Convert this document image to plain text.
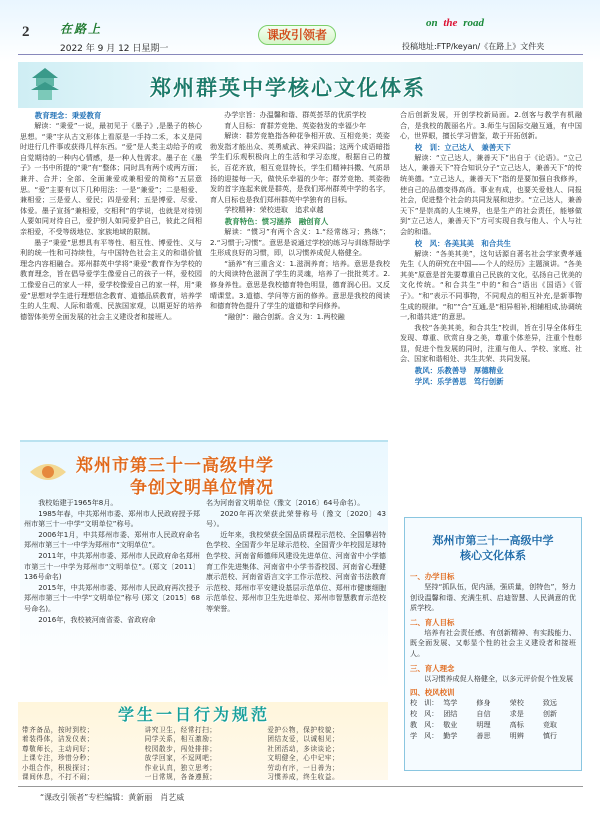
2	在路上
2022 年 9 月 12 日星期一
课改引领者
on the road
投稿地址:FTP/keyan/《在路上》文件夹
郑州群英中学核心文化体系
教育理念：秉爱教育

解读：“秉爱”一说，最初见于《墨子》,是墨子的核心思想。“秉”字从古文形体上看原是一手持二禾，本义是同时进行几件事或获得几样东西。“爱”是人类主动给予的或自觉期待的一种内心情感，是一种人性需求。墨子在《墨子》一书中所提的“秉”有“整体；同时具有两个或两方面；兼并、合并；全部、全面兼爱或兼相爱的简称”五层意思。“爱”主要有以下几种用法：一是“兼爱”；二是相爱、兼相爱；三是爱人、爱民；四是爱利；五是博爱、尽爱、体爱。墨子宣扬“兼相爱，交相利”的学说，也就是对待别人要如同对待自己，爱护别人如同爱护自己，彼此之间相亲相爱，不受等级地位、家族地域的限制。

墨子“秉爱”思想具有平等性、相互性、博爱性、义与利的统一性和可持续性，与中国特色社会主义的和谐价值理念内容相融合。郑州群英中学将“秉爱”教育作为学校的教育理念，旨在倡导爱学生像爱自己的孩子一样，爱校园工像爱自己的家人一样，爱学校像爱自己的家一样，用“秉爱”思想对学生进行理想信念教育、道德品质教育，培养学生的人生观、人际和谐观、民族国家观，以期更好的培养德智体美劳全面发展的社会主义建设者和接班人。

办学宗旨：办温馨和谐、群英荟萃的优质学校

育人目标：育群芳竞艳、英姿勃发的幸福少年

解读：群芳竞艳指各种花争相开放、互相竞美；英姿勃发指才能出众、英勇威武、神采四溢；这两个成语暗指学生们乐观积极向上的生活和学习态度，根据自己的擅长，百花齐放，相互竞显特长，学生们精神抖擞、气质昂扬的迎接每一天，做快乐幸福的少年；群芳竞艳、英姿勃发的首字连起来就是群英，是我们郑州群英中学的名字，育人目标也是我们郑州群英中学独有的目标。

学校精神：荣校进取　追求卓越

教育特色：惯习涵养　融创育人

解读：“惯习”有两个含义：1.“经常练习；熟练”；2.“习惯于;习惯”。意思是说通过学校的练习与训练帮助学生形成良好的习惯，即，以习惯养成促人格健全。

“涵养”有三重含义：1.滋润养育；培养。意思是我校的大阅读特色滋润了学生的灵魂，培养了一批批英才。2.修身养性。意思是我校德育特色明显，德育润心田。又反晴课堂。3.道德、学问等方面的修养。意思是我校的阅读和德育特色提升了学生的道德和学问修养。

“融创”：融合创新。含义为：1.两校融

合后创新发展，开创学校新局面。2.创客与教学有机融合，是我校的靓丽名片。3.师生与国际交融互通，有中国心，世界眼，擅长学习借鉴，敢于开拓创新。

校　训：立己达人　兼善天下

解读：“立己达人，兼善天下”出自于《论语》。“立己达人，兼善天下”符合知识分子“立己达人，兼善天下”的传统美德。“立己达人，兼善天下”指的是要加强自我修养，使自己的品德变得高尚。事业有成，也要关爱他人、同报社会，促进整个社会的共同发展和进步。“立己达人，兼善天下”是崇高的人生境界，也是生产的社会责任，能够做到“立己达人，兼善天下”方可实现自我与他人、个人与社会的和谐。

校　风：各美其美　和合共生

解读：“各美其美”，这句话源自著名社会学家费孝通先生《人的研究在中国——个人的经历》主题演讲。“各美其美”原意是首先要尊重自己民族的文化，弘扬自己优美的文化传统。“和合共生”中的“和合”语出《国语》《管子》。“和”表示不同事物，不同观点的相互补充,是新事物生成的规律。“和”“合”互通,是“相异相补,相辅相成,协调统一,和谐共进”的意思。

我校“各美其美，和合共生”校训，旨在引导全体师生发现、尊重、欣赏自身之美，尊重个体差异，注重个性彰显，促进个性发展的同时，注重与他人、学校、家庭、社会、国家和谐相处、共生共荣、共同发展。

教风：乐教善导　厚德精业
学风：乐学善思　笃行创新
郑州市第三十一高级中学
争创文明单位情况

我校始建于1965年8月。

1985年春，中共郑州市委、郑州市人民政府授予郑州市第三十一中学“文明单位”称号。

2006年1月，中共郑州市委、郑州市人民政府命名郑州市第三十一中学为郑州市“文明单位”。

2011年，中共郑州市委、郑州市人民政府命名郑州市第三十一中学为郑州市“文明单位”。(郑文〔2011〕136号命名)

2015年，中共郑州市委、郑州市人民政府再次授予郑州市第三十一中学“文明单位”称号 (郑文〔2015〕68号命名)。

2016年，我校被河南省委、省政府命

名为河南省文明单位（豫文〔2016〕64号命名）。

2020年再次荣获此荣誉称号（豫文〔2020〕43号）。

近年来，我校荣获全国品质课程示范校、全国攀岩特色学校、全国青少年足球示范校、全国青少年校园足球特色学校、河南省师德师风建设先进单位、河南省中小学德育工作先进集体、河南省中小学书香校园、河南省心理健康示范校、河南省语言文字工作示范校、河南省书法教育示范校、郑州市平安建设基层示范单位、郑州市健康细胞示范单位、郑州市卫生先进单位、郑州市智慧教育示范校等荣誉。

郑州市第三十一高级中学
核心文化体系
一、办学目标

坚持“抓队伍，促内涵，强质量，创特色”，努力创设温馨和谐、充满生机、启迪智慧、人民满意的优质学校。

二、育人目标

培养有社会责任感、有创新精神、有实践能力、既全面发展、又彰显个性的社会主义建设者和接班人。

三、育人理念

以习惯养成促人格健全，以多元评价促个性发展

四、校风校训
校　训： 笃学	修身	荣校	致远
校　风： 团结	自信	求是	创新
教　风： 敬业	明理	高标	竞取
学　风： 勤学	善思	明辨	慎行
学生一日行为规范
带齐备品，按时到校；	讲究卫生，经常打扫；	爱护公物，保护校貌；
着装得体，洁发仪表；	同学关系，相互激励；	团结友爱，以诚相见；
尊敬师长，主动问好；	校园散步，闯处排排；	社团活动，多读谈论；
上课专注，珍惜分秒；	放学回家，不逗网吧；	文明健全，心中记牢；
小组合作，积极探讨；	作业认真，独立思考；	劳动有序，一日善为；
课间休息，不打不闹；	一日常规，各备遵照；	习惯养成，终生收益。
“课改引领者”专栏编辑：黄新丽　肖艺威
